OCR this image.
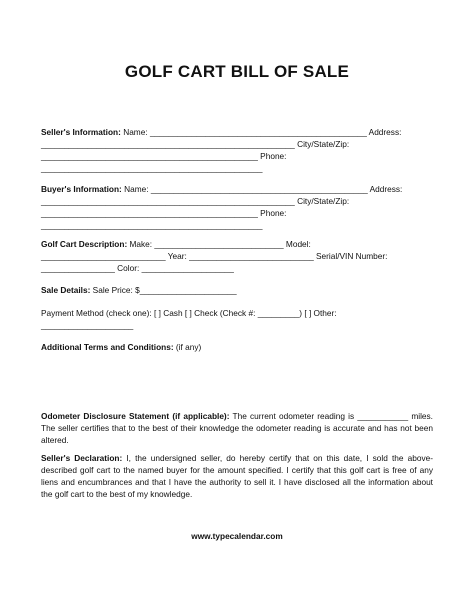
GOLF CART BILL OF SALE
Seller's Information: Name: _______________________________________________ Address:
_______________________________________________________ City/State/Zip:
_______________________________________________ Phone:
________________________________________________
Buyer's Information: Name: _______________________________________________ Address:
_______________________________________________________ City/State/Zip:
_______________________________________________ Phone:
________________________________________________
Golf Cart Description: Make: ____________________________ Model:
___________________________ Year: ___________________________ Serial/VIN Number:
________________ Color: ____________________
Sale Details: Sale Price: $_____________________
Payment Method (check one): [ ] Cash [ ] Check (Check #: _________) [ ] Other:
____________________
Additional Terms and Conditions: (if any)
Odometer Disclosure Statement (if applicable): The current odometer reading is ___________ miles. The seller certifies that to the best of their knowledge the odometer reading is accurate and has not been altered.
Seller's Declaration: I, the undersigned seller, do hereby certify that on this date, I sold the above-described golf cart to the named buyer for the amount specified. I certify that this golf cart is free of any liens and encumbrances and that I have the authority to sell it. I have disclosed all the information about the golf cart to the best of my knowledge.
www.typecalendar.com
